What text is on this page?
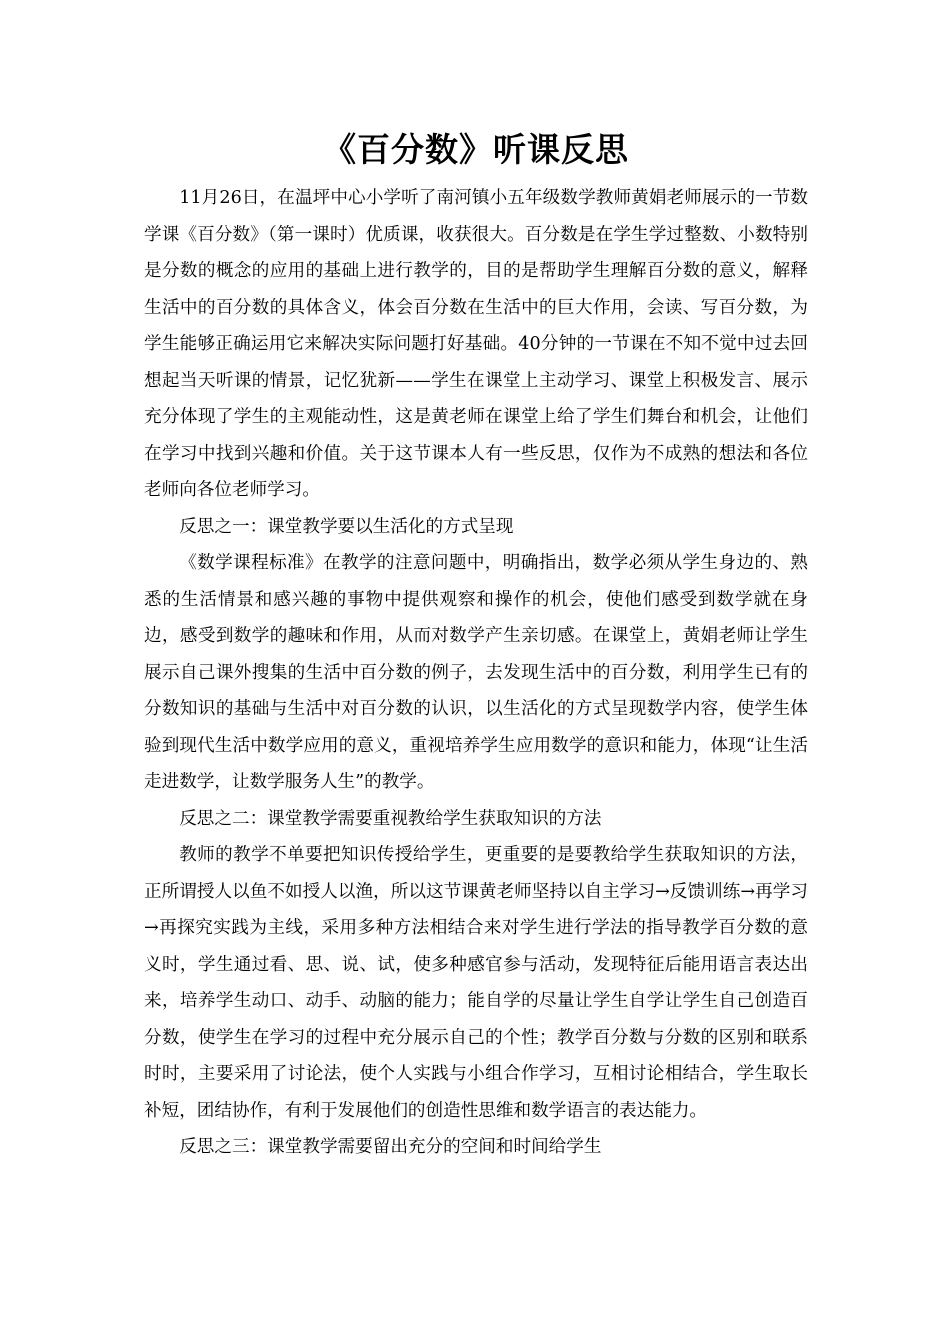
《百分数》听课反思

11月26日，在温坪中心小学听了南河镇小五年级数学教师黄娟老师展示的一节数学课《百分数》（第一课时）优质课，收获很大。百分数是在学生学过整数、小数特别是分数的概念的应用的基础上进行教学的，目的是帮助学生理解百分数的意义，解释生活中的百分数的具体含义，体会百分数在生活中的巨大作用，会读、写百分数，为学生能够正确运用它来解决实际问题打好基础。40分钟的一节课在不知不觉中过去回想起当天听课的情景，记忆犹新——学生在课堂上主动学习、课堂上积极发言、展示充分体现了学生的主观能动性，这是黄老师在课堂上给了学生们舞台和机会，让他们在学习中找到兴趣和价值。关于这节课本人有一些反思，仅作为不成熟的想法和各位老师向各位老师学习。

反思之一：课堂教学要以生活化的方式呈现

《数学课程标准》在教学的注意问题中，明确指出，数学必须从学生身边的、熟悉的生活情景和感兴趣的事物中提供观察和操作的机会，使他们感受到数学就在身边，感受到数学的趣味和作用，从而对数学产生亲切感。在课堂上，黄娟老师让学生展示自己课外搜集的生活中百分数的例子，去发现生活中的百分数，利用学生已有的分数知识的基础与生活中对百分数的认识，以生活化的方式呈现数学内容，使学生体验到现代生活中数学应用的意义，重视培养学生应用数学的意识和能力，体现“让生活走进数学，让数学服务人生”的教学。

反思之二：课堂教学需要重视教给学生获取知识的方法

教师的教学不单要把知识传授给学生，更重要的是要教给学生获取知识的方法，正所谓授人以鱼不如授人以渔，所以这节课黄老师坚持以自主学习→反馈训练→再学习→再探究实践为主线，采用多种方法相结合来对学生进行学法的指导教学百分数的意义时，学生通过看、思、说、试，使多种感官参与活动，发现特征后能用语言表达出来，培养学生动口、动手、动脑的能力；能自学的尽量让学生自学让学生自己创造百分数，使学生在学习的过程中充分展示自己的个性；教学百分数与分数的区别和联系时时，主要采用了讨论法，使个人实践与小组合作学习，互相讨论相结合，学生取长补短，团结协作，有利于发展他们的创造性思维和数学语言的表达能力。

反思之三：课堂教学需要留出充分的空间和时间给学生
